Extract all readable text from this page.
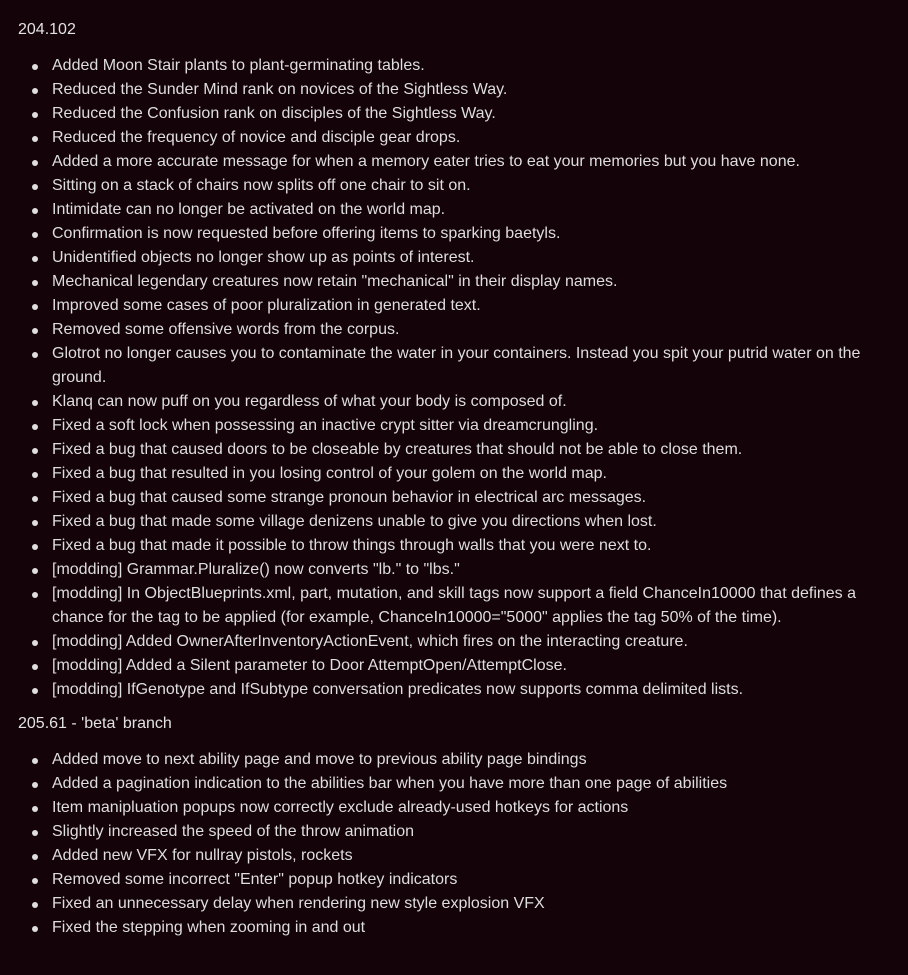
204.102
Added Moon Stair plants to plant-germinating tables.
Reduced the Sunder Mind rank on novices of the Sightless Way.
Reduced the Confusion rank on disciples of the Sightless Way.
Reduced the frequency of novice and disciple gear drops.
Added a more accurate message for when a memory eater tries to eat your memories but you have none.
Sitting on a stack of chairs now splits off one chair to sit on.
Intimidate can no longer be activated on the world map.
Confirmation is now requested before offering items to sparking baetyls.
Unidentified objects no longer show up as points of interest.
Mechanical legendary creatures now retain "mechanical" in their display names.
Improved some cases of poor pluralization in generated text.
Removed some offensive words from the corpus.
Glotrot no longer causes you to contaminate the water in your containers. Instead you spit your putrid water on the ground.
Klanq can now puff on you regardless of what your body is composed of.
Fixed a soft lock when possessing an inactive crypt sitter via dreamcrungling.
Fixed a bug that caused doors to be closeable by creatures that should not be able to close them.
Fixed a bug that resulted in you losing control of your golem on the world map.
Fixed a bug that caused some strange pronoun behavior in electrical arc messages.
Fixed a bug that made some village denizens unable to give you directions when lost.
Fixed a bug that made it possible to throw things through walls that you were next to.
[modding] Grammar.Pluralize() now converts "lb." to "lbs."
[modding] In ObjectBlueprints.xml, part, mutation, and skill tags now support a field ChanceIn10000 that defines a chance for the tag to be applied (for example, ChanceIn10000="5000" applies the tag 50% of the time).
[modding] Added OwnerAfterInventoryActionEvent, which fires on the interacting creature.
[modding] Added a Silent parameter to Door AttemptOpen/AttemptClose.
[modding] IfGenotype and IfSubtype conversation predicates now supports comma delimited lists.
205.61 - 'beta' branch
Added move to next ability page and move to previous ability page bindings
Added a pagination indication to the abilities bar when you have more than one page of abilities
Item manipluation popups now correctly exclude already-used hotkeys for actions
Slightly increased the speed of the throw animation
Added new VFX for nullray pistols, rockets
Removed some incorrect "Enter" popup hotkey indicators
Fixed an unnecessary delay when rendering new style explosion VFX
Fixed the stepping when zooming in and out
